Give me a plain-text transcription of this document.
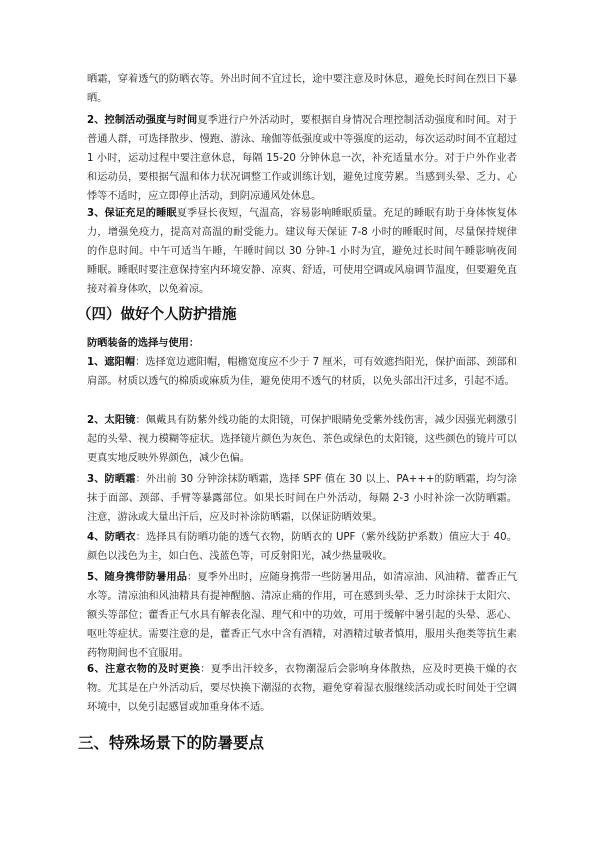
晒霜，穿着透气的防晒衣等。外出时间不宜过长，途中要注意及时休息，避免长时间在烈日下暴晒。

2、控制活动强度与时间夏季进行户外活动时，要根据自身情况合理控制活动强度和时间。对于普通人群，可选择散步、慢跑、游泳、瑜伽等低强度或中等强度的运动，每次运动时间不宜超过 1 小时，运动过程中要注意休息，每隔 15-20 分钟休息一次，补充适量水分。对于户外作业者和运动员，要根据气温和体力状况调整工作或训练计划，避免过度劳累。当感到头晕、乏力、心悸等不适时，应立即停止活动，到阴凉通风处休息。

3、保证充足的睡眠夏季昼长夜短，气温高，容易影响睡眠质量。充足的睡眠有助于身体恢复体力，增强免疫力，提高对高温的耐受能力。建议每天保证 7-8 小时的睡眠时间，尽量保持规律的作息时间。中午可适当午睡，午睡时间以 30 分钟-1 小时为宜，避免过长时间午睡影响夜间睡眠。睡眠时要注意保持室内环境安静、凉爽、舒适，可使用空调或风扇调节温度，但要避免直接对着身体吹，以免着凉。

（四）做好个人防护措施

防晒装备的选择与使用：

1、遮阳帽：选择宽边遮阳帽，帽檐宽度应不少于 7 厘米，可有效遮挡阳光，保护面部、颈部和肩部。材质以透气的棉质或麻质为佳，避免使用不透气的材质，以免头部出汗过多，引起不适。

2、太阳镜：佩戴具有防紫外线功能的太阳镜，可保护眼睛免受紫外线伤害，减少因强光刺激引起的头晕、视力模糊等症状。选择镜片颜色为灰色、茶色或绿色的太阳镜，这些颜色的镜片可以更真实地反映外界颜色，减少色偏。

3、防晒霜：外出前 30 分钟涂抹防晒霜，选择 SPF 值在 30 以上、PA+++的防晒霜，均匀涂抹于面部、颈部、手臂等暴露部位。如果长时间在户外活动，每隔 2-3 小时补涂一次防晒霜。注意，游泳或大量出汗后，应及时补涂防晒霜，以保证防晒效果。

4、防晒衣：选择具有防晒功能的透气衣物，防晒衣的 UPF（紫外线防护系数）值应大于 40。颜色以浅色为主，如白色、浅蓝色等，可反射阳光，减少热量吸收。

5、随身携带防暑用品：夏季外出时，应随身携带一些防暑用品，如清凉油、风油精、藿香正气水等。清凉油和风油精具有提神醒脑、清凉止痛的作用，可在感到头晕、乏力时涂抹于太阳穴、额头等部位；藿香正气水具有解表化湿、理气和中的功效，可用于缓解中暑引起的头晕、恶心、呕吐等症状。需要注意的是，藿香正气水中含有酒精，对酒精过敏者慎用，服用头孢类等抗生素药物期间也不宜服用。

6、注意衣物的及时更换：夏季出汗较多，衣物潮湿后会影响身体散热，应及时更换干燥的衣物。尤其是在户外活动后，要尽快换下潮湿的衣物，避免穿着湿衣服继续活动或长时间处于空调环境中，以免引起感冒或加重身体不适。

三、特殊场景下的防暑要点
